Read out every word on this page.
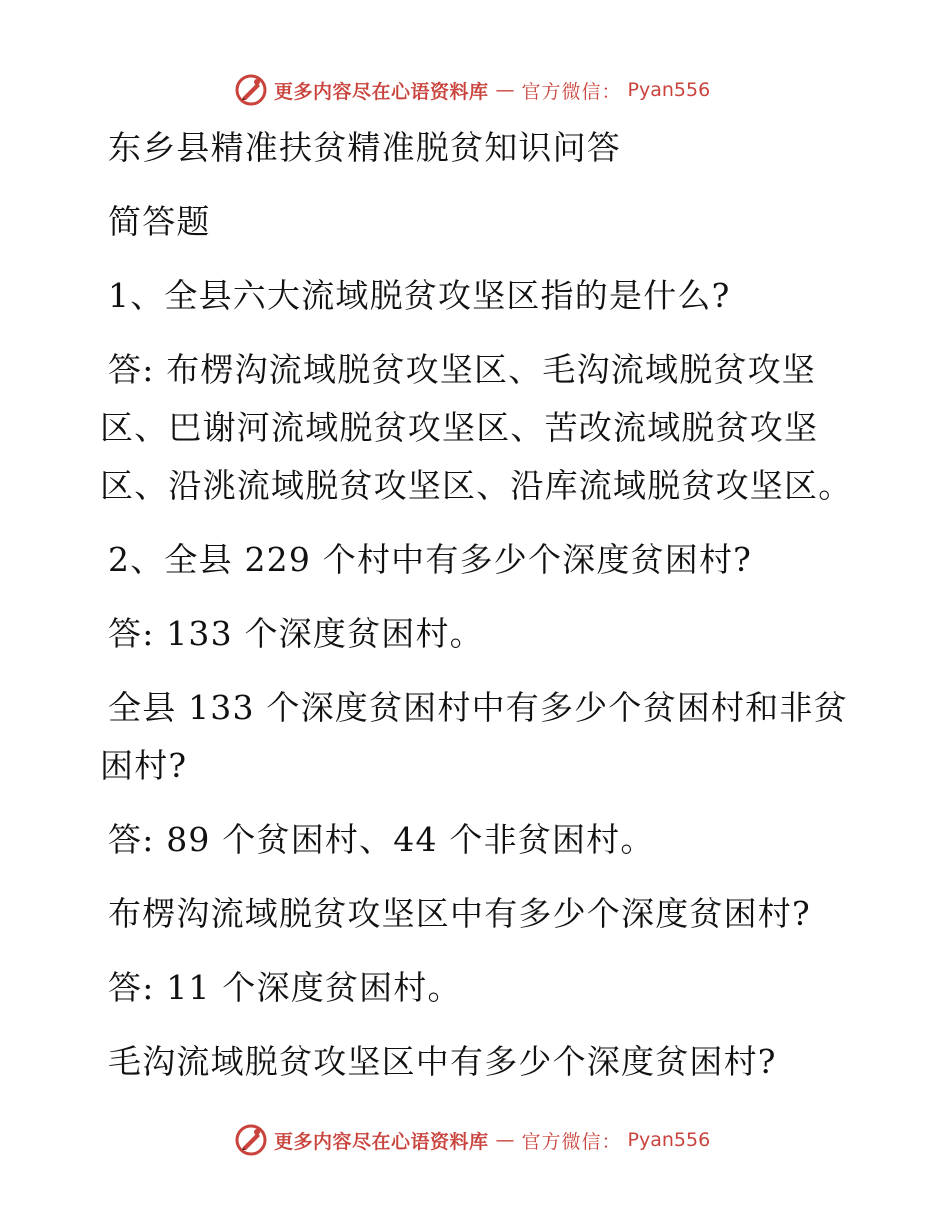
更多内容尽在心语资料库 — 官方微信： Pyan556

东乡县精准扶贫精准脱贫知识问答

简答题

1、全县六大流域脱贫攻坚区指的是什么?

答: 布楞沟流域脱贫攻坚区、毛沟流域脱贫攻坚

区、巴谢河流域脱贫攻坚区、苦改流域脱贫攻坚

区、沿洮流域脱贫攻坚区、沿库流域脱贫攻坚区。

2、全县 229 个村中有多少个深度贫困村?

答: 133 个深度贫困村。

全县 133 个深度贫困村中有多少个贫困村和非贫

困村?

答: 89 个贫困村、44 个非贫困村。

布楞沟流域脱贫攻坚区中有多少个深度贫困村?

答: 11 个深度贫困村。

毛沟流域脱贫攻坚区中有多少个深度贫困村?

更多内容尽在心语资料库 — 官方微信： Pyan556
